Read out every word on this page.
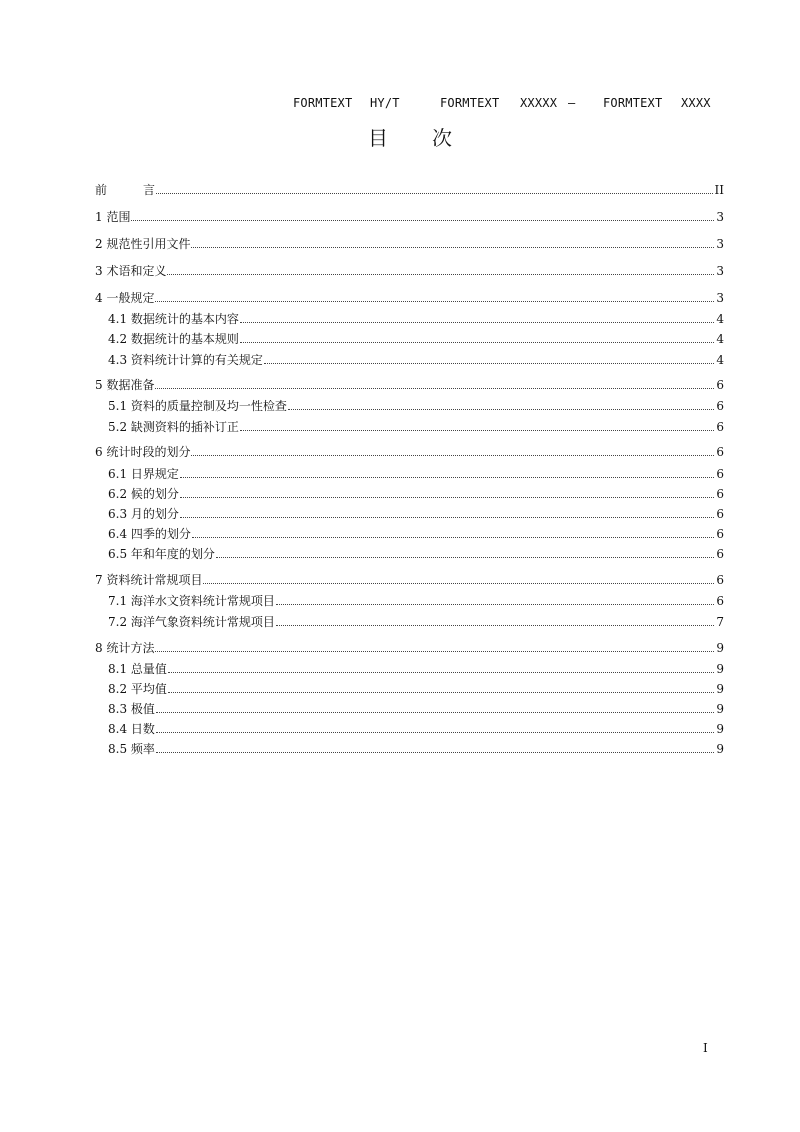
FORMTEXT HY/T	FORMTEXT XXXXX — FORMTEXT XXXX
目 次
前　　　言	II
1 范围	3
2 规范性引用文件	3
3 术语和定义	3
4 一般规定	3
4.1 数据统计的基本内容	4
4.2 数据统计的基本规则	4
4.3 资料统计计算的有关规定	4
5 数据准备	6
5.1 资料的质量控制及均一性检查	6
5.2 缺测资料的插补订正	6
6 统计时段的划分	6
6.1 日界规定	6
6.2 候的划分	6
6.3 月的划分	6
6.4 四季的划分	6
6.5 年和年度的划分	6
7 资料统计常规项目	6
7.1 海洋水文资料统计常规项目	6
7.2 海洋气象资料统计常规项目	7
8 统计方法	9
8.1 总量值	9
8.2 平均值	9
8.3 极值	9
8.4 日数	9
8.5 频率	9
I
